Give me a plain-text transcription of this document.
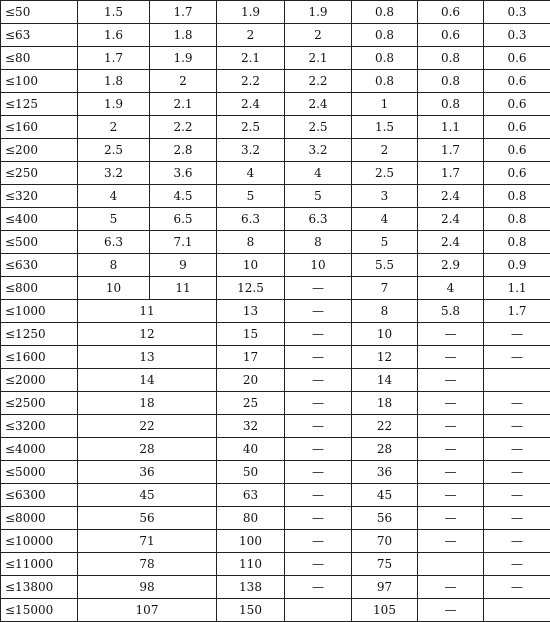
≤50	1.5	1.7	1.9	1.9	0.8	0.6	0.3
≤63	1.6	1.8	2	2	0.8	0.6	0.3
≤80	1.7	1.9	2.1	2.1	0.8	0.8	0.6
≤100	1.8	2	2.2	2.2	0.8	0.8	0.6
≤125	1.9	2.1	2.4	2.4	1	0.8	0.6
≤160	2	2.2	2.5	2.5	1.5	1.1	0.6
≤200	2.5	2.8	3.2	3.2	2	1.7	0.6
≤250	3.2	3.6	4	4	2.5	1.7	0.6
≤320	4	4.5	5	5	3	2.4	0.8
≤400	5	6.5	6.3	6.3	4	2.4	0.8
≤500	6.3	7.1	8	8	5	2.4	0.8
≤630	8	9	10	10	5.5	2.9	0.9
≤800	10	11	12.5	—	7	4	1.1
≤1000	11		13	—	8	5.8	1.7
≤1250	12		15	—	10	—	—
≤1600	13		17	—	12	—	—
≤2000	14		20	—	14	—	
≤2500	18		25	—	18	—	—
≤3200	22		32	—	22	—	—
≤4000	28		40	—	28	—	—
≤5000	36		50	—	36	—	—
≤6300	45		63	—	45	—	—
≤8000	56		80	—	56	—	—
≤10000	71		100	—	70	—	—
≤11000	78		110	—	75		—
≤13800	98		138	—	97	—	—
≤15000	107		150		105	—	
